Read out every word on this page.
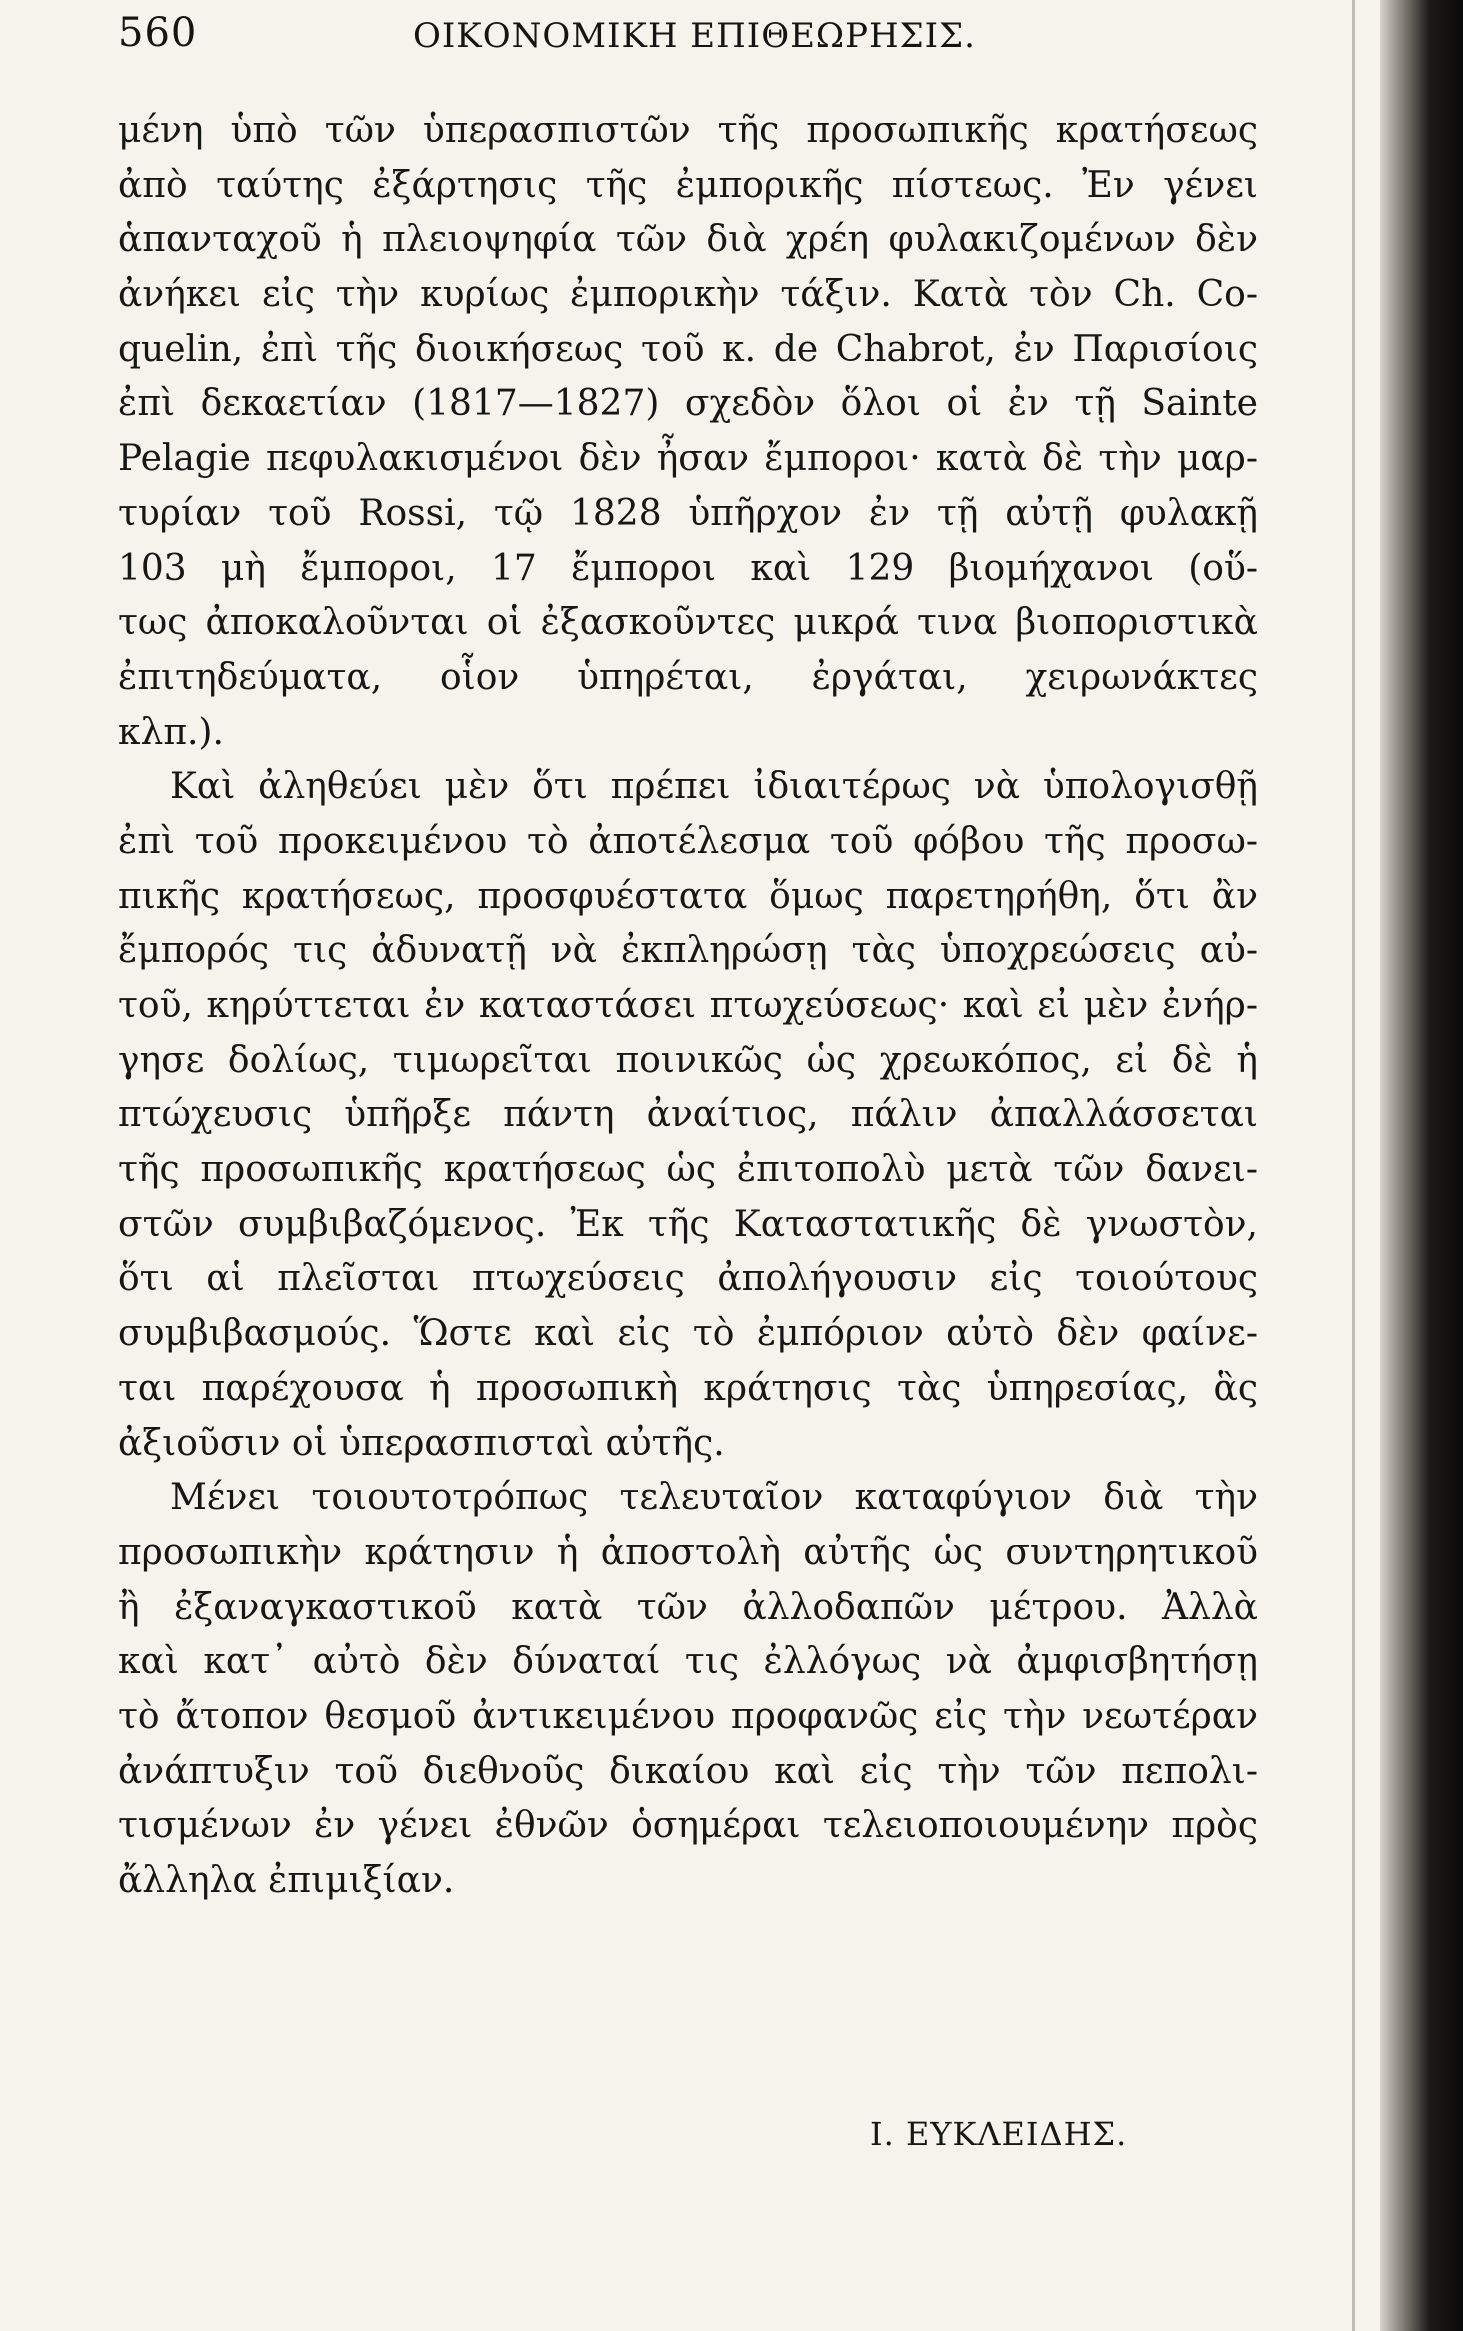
560	ΟΙΚΟΝΟΜΙΚΗ ΕΠΙΘΕΩΡΗΣΙΣ.
μένη ὑπὸ τῶν ὑπερασπιστῶν τῆς προσωπικῆς κρατήσεως
ἀπὸ ταύτης ἐξάρτησις τῆς ἐμπορικῆς πίστεως. Ἐν γένει
ἁπανταχοῦ ἡ πλειοψηφία τῶν διὰ χρέη φυλακιζομένων δὲν
ἀνήκει εἰς τὴν κυρίως ἐμπορικὴν τάξιν. Κατὰ τὸν Ch. Co-
quelin, ἐπὶ τῆς διοικήσεως τοῦ κ. de Chabrot, ἐν Παρισίοις
ἐπὶ δεκαετίαν (1817—1827) σχεδὸν ὅλοι οἱ ἐν τῇ Sainte
Pelagie πεφυλακισμένοι δὲν ἦσαν ἔμποροι· κατὰ δὲ τὴν μαρ-
τυρίαν τοῦ Rossi, τῷ 1828 ὑπῆρχον ἐν τῇ αὐτῇ φυλακῇ
103 μὴ ἔμποροι, 17 ἔμποροι καὶ 129 βιομήχανοι (οὕ-
τως ἀποκαλοῦνται οἱ ἐξασκοῦντες μικρά τινα βιοποριστικὰ
ἐπιτηδεύματα, οἷον ὑπηρέται, ἐργάται, χειρωνάκτες
κλπ.).
Καὶ ἀληθεύει μὲν ὅτι πρέπει ἰδιαιτέρως νὰ ὑπολογισθῇ
ἐπὶ τοῦ προκειμένου τὸ ἀποτέλεσμα τοῦ φόβου τῆς προσω-
πικῆς κρατήσεως, προσφυέστατα ὅμως παρετηρήθη, ὅτι ἂν
ἔμπορός τις ἀδυνατῇ νὰ ἐκπληρώσῃ τὰς ὑποχρεώσεις αὐ-
τοῦ, κηρύττεται ἐν καταστάσει πτωχεύσεως· καὶ εἰ μὲν ἐνήρ-
γησε δολίως, τιμωρεῖται ποινικῶς ὡς χρεωκόπος, εἰ δὲ ἡ
πτώχευσις ὑπῆρξε πάντη ἀναίτιος, πάλιν ἀπαλλάσσεται
τῆς προσωπικῆς κρατήσεως ὡς ἐπιτοπολὺ μετὰ τῶν δανει-
στῶν συμβιβαζόμενος. Ἐκ τῆς Καταστατικῆς δὲ γνωστὸν,
ὅτι αἱ πλεῖσται πτωχεύσεις ἀπολήγουσιν εἰς τοιούτους
συμβιβασμούς. Ὥστε καὶ εἰς τὸ ἐμπόριον αὐτὸ δὲν φαίνε-
ται παρέχουσα ἡ προσωπικὴ κράτησις τὰς ὑπηρεσίας, ἃς
ἀξιοῦσιν οἱ ὑπερασπισταὶ αὐτῆς.
Μένει τοιουτοτρόπως τελευταῖον καταφύγιον διὰ τὴν
προσωπικὴν κράτησιν ἡ ἀποστολὴ αὐτῆς ὡς συντηρητικοῦ
ἢ ἐξαναγκαστικοῦ κατὰ τῶν ἀλλοδαπῶν μέτρου. Ἀλλὰ
καὶ κατ᾽ αὐτὸ δὲν δύναταί τις ἐλλόγως νὰ ἀμφισβητήσῃ
τὸ ἄτοπον θεσμοῦ ἀντικειμένου προφανῶς εἰς τὴν νεωτέραν
ἀνάπτυξιν τοῦ διεθνοῦς δικαίου καὶ εἰς τὴν τῶν πεπολι-
τισμένων ἐν γένει ἐθνῶν ὁσημέραι τελειοποιουμένην πρὸς
ἄλληλα ἐπιμιξίαν.
Ι. ΕΥΚΛΕΙΔΗΣ.
